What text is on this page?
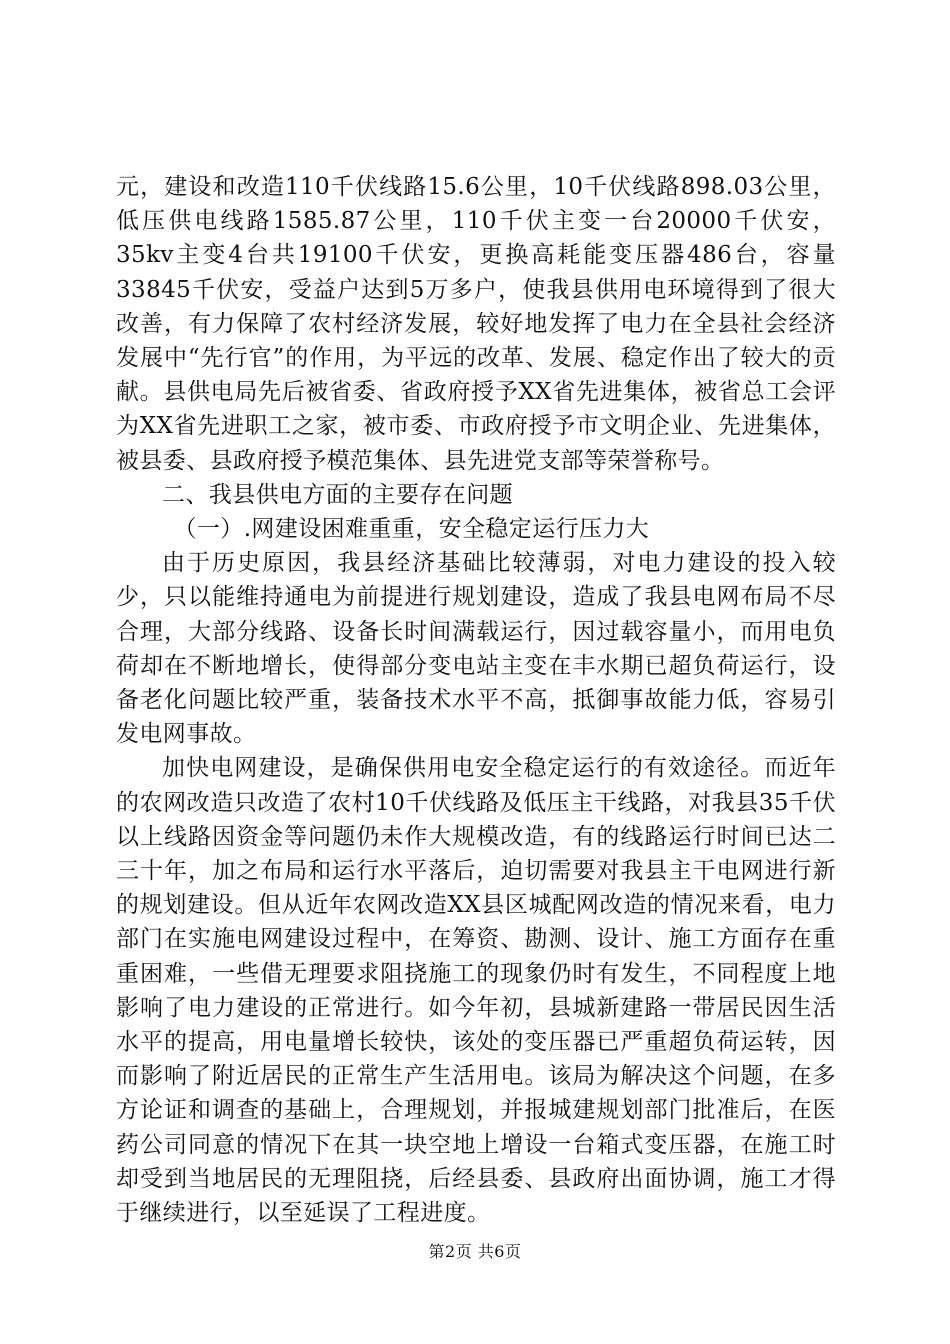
元，建设和改造110千伏线路15.6公里，10千伏线路898.03公里，低压供电线路1585.87公里，110千伏主变一台20000千伏安，35kv主变4台共19100千伏安，更换高耗能变压器486台，容量33845千伏安，受益户达到5万多户，使我县供用电环境得到了很大改善，有力保障了农村经济发展，较好地发挥了电力在全县社会经济发展中“先行官”的作用，为平远的改革、发展、稳定作出了较大的贡献。县供电局先后被省委、省政府授予XX省先进集体，被省总工会评为XX省先进职工之家，被市委、市政府授予市文明企业、先进集体，被县委、县政府授予模范集体、县先进党支部等荣誉称号。

二、我县供电方面的主要存在问题

（一）.网建设困难重重，安全稳定运行压力大

由于历史原因，我县经济基础比较薄弱，对电力建设的投入较少，只以能维持通电为前提进行规划建设，造成了我县电网布局不尽合理，大部分线路、设备长时间满载运行，因过载容量小，而用电负荷却在不断地增长，使得部分变电站主变在丰水期已超负荷运行，设备老化问题比较严重，装备技术水平不高，抵御事故能力低，容易引发电网事故。

加快电网建设，是确保供用电安全稳定运行的有效途径。而近年的农网改造只改造了农村10千伏线路及低压主干线路，对我县35千伏以上线路因资金等问题仍未作大规模改造，有的线路运行时间已达二三十年，加之布局和运行水平落后，迫切需要对我县主干电网进行新的规划建设。但从近年农网改造XX县区城配网改造的情况来看，电力部门在实施电网建设过程中，在筹资、勘测、设计、施工方面存在重重困难，一些借无理要求阻挠施工的现象仍时有发生，不同程度上地影响了电力建设的正常进行。如今年初，县城新建路一带居民因生活水平的提高，用电量增长较快，该处的变压器已严重超负荷运转，因而影响了附近居民的正常生产生活用电。该局为解决这个问题，在多方论证和调查的基础上，合理规划，并报城建规划部门批准后，在医药公司同意的情况下在其一块空地上增设一台箱式变压器，在施工时却受到当地居民的无理阻挠，后经县委、县政府出面协调，施工才得于继续进行，以至延误了工程进度。

第2页 共6页
